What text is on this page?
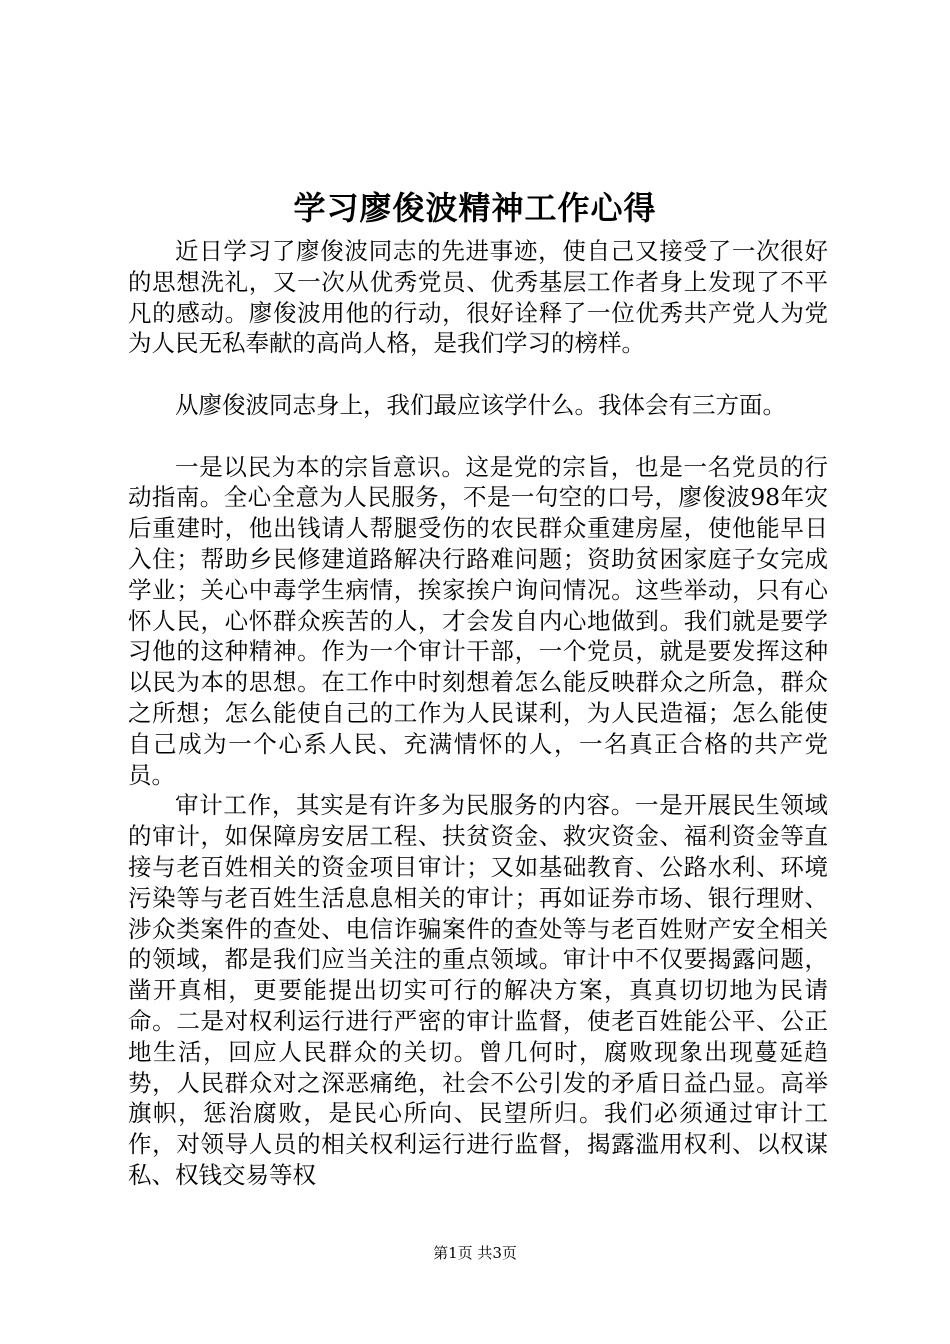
学习廖俊波精神工作心得

近日学习了廖俊波同志的先进事迹，使自己又接受了一次很好的思想洗礼，又一次从优秀党员、优秀基层工作者身上发现了不平凡的感动。廖俊波用他的行动，很好诠释了一位优秀共产党人为党为人民无私奉献的高尚人格，是我们学习的榜样。

从廖俊波同志身上，我们最应该学什么。我体会有三方面。

一是以民为本的宗旨意识。这是党的宗旨，也是一名党员的行动指南。全心全意为人民服务，不是一句空的口号，廖俊波98年灾后重建时，他出钱请人帮腿受伤的农民群众重建房屋，使他能早日入住；帮助乡民修建道路解决行路难问题；资助贫困家庭子女完成学业；关心中毒学生病情，挨家挨户询问情况。这些举动，只有心怀人民，心怀群众疾苦的人，才会发自内心地做到。我们就是要学习他的这种精神。作为一个审计干部，一个党员，就是要发挥这种以民为本的思想。在工作中时刻想着怎么能反映群众之所急，群众之所想；怎么能使自己的工作为人民谋利，为人民造福；怎么能使自己成为一个心系人民、充满情怀的人，一名真正合格的共产党员。

审计工作，其实是有许多为民服务的内容。一是开展民生领域的审计，如保障房安居工程、扶贫资金、救灾资金、福利资金等直接与老百姓相关的资金项目审计；又如基础教育、公路水利、环境污染等与老百姓生活息息相关的审计；再如证券市场、银行理财、涉众类案件的查处、电信诈骗案件的查处等与老百姓财产安全相关的领域，都是我们应当关注的重点领域。审计中不仅要揭露问题，凿开真相，更要能提出切实可行的解决方案，真真切切地为民请命。二是对权利运行进行严密的审计监督，使老百姓能公平、公正地生活，回应人民群众的关切。曾几何时，腐败现象出现蔓延趋势，人民群众对之深恶痛绝，社会不公引发的矛盾日益凸显。高举旗帜，惩治腐败，是民心所向、民望所归。我们必须通过审计工作，对领导人员的相关权利运行进行监督，揭露滥用权利、以权谋私、权钱交易等权

第1页 共3页
